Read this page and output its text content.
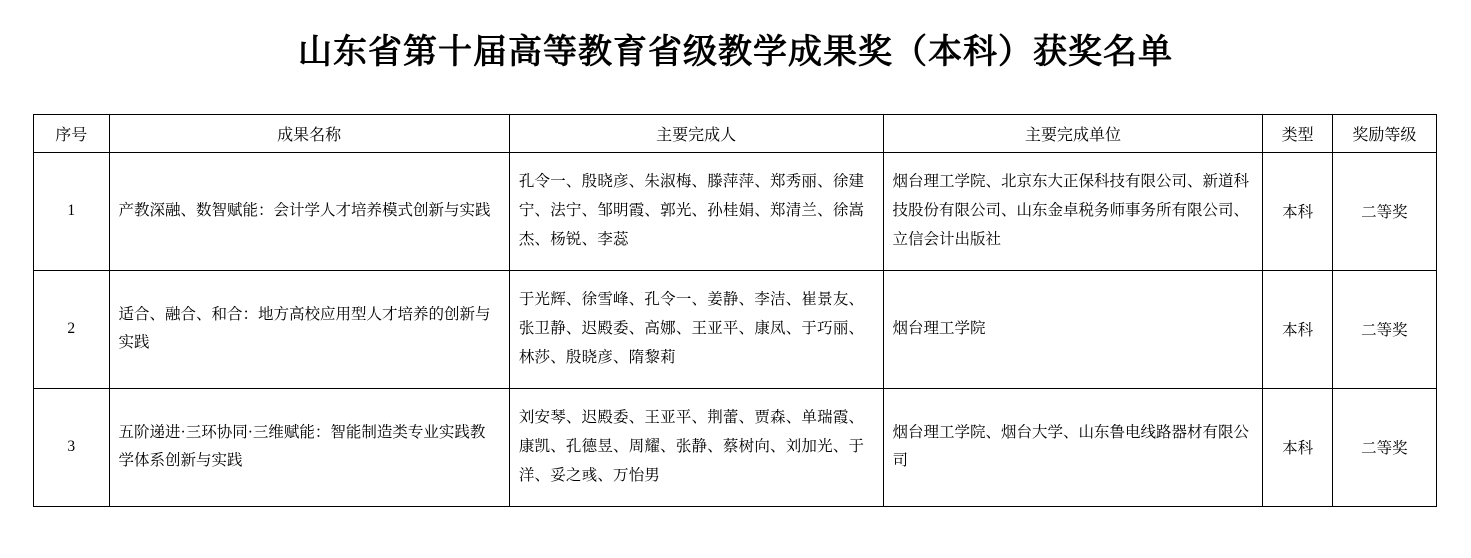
山东省第十届高等教育省级教学成果奖（本科）获奖名单
序号	成果名称	主要完成人	主要完成单位	类型	奖励等级
1	产教深融、数智赋能：会计学人才培养模式创新与实践	孔令一、殷晓彦、朱淑梅、滕萍萍、郑秀丽、徐建宁、法宁、邹明霞、郭光、孙桂娟、郑清兰、徐嵩杰、杨锐、李蕊	烟台理工学院、北京东大正保科技有限公司、新道科技股份有限公司、山东金卓税务师事务所有限公司、立信会计出版社	本科	二等奖
2	适合、融合、和合：地方高校应用型人才培养的创新与实践	于光辉、徐雪峰、孔令一、姜静、李洁、崔景友、张卫静、迟殿委、高娜、王亚平、康凤、于巧丽、林莎、殷晓彦、隋黎莉	烟台理工学院	本科	二等奖
3	五阶递进·三环协同·三维赋能：智能制造类专业实践教学体系创新与实践	刘安琴、迟殿委、王亚平、荆蕾、贾森、单瑞霞、康凯、孔德昱、周耀、张静、蔡树向、刘加光、于洋、妥之彧、万怡男	烟台理工学院、烟台大学、山东鲁电线路器材有限公司	本科	二等奖
